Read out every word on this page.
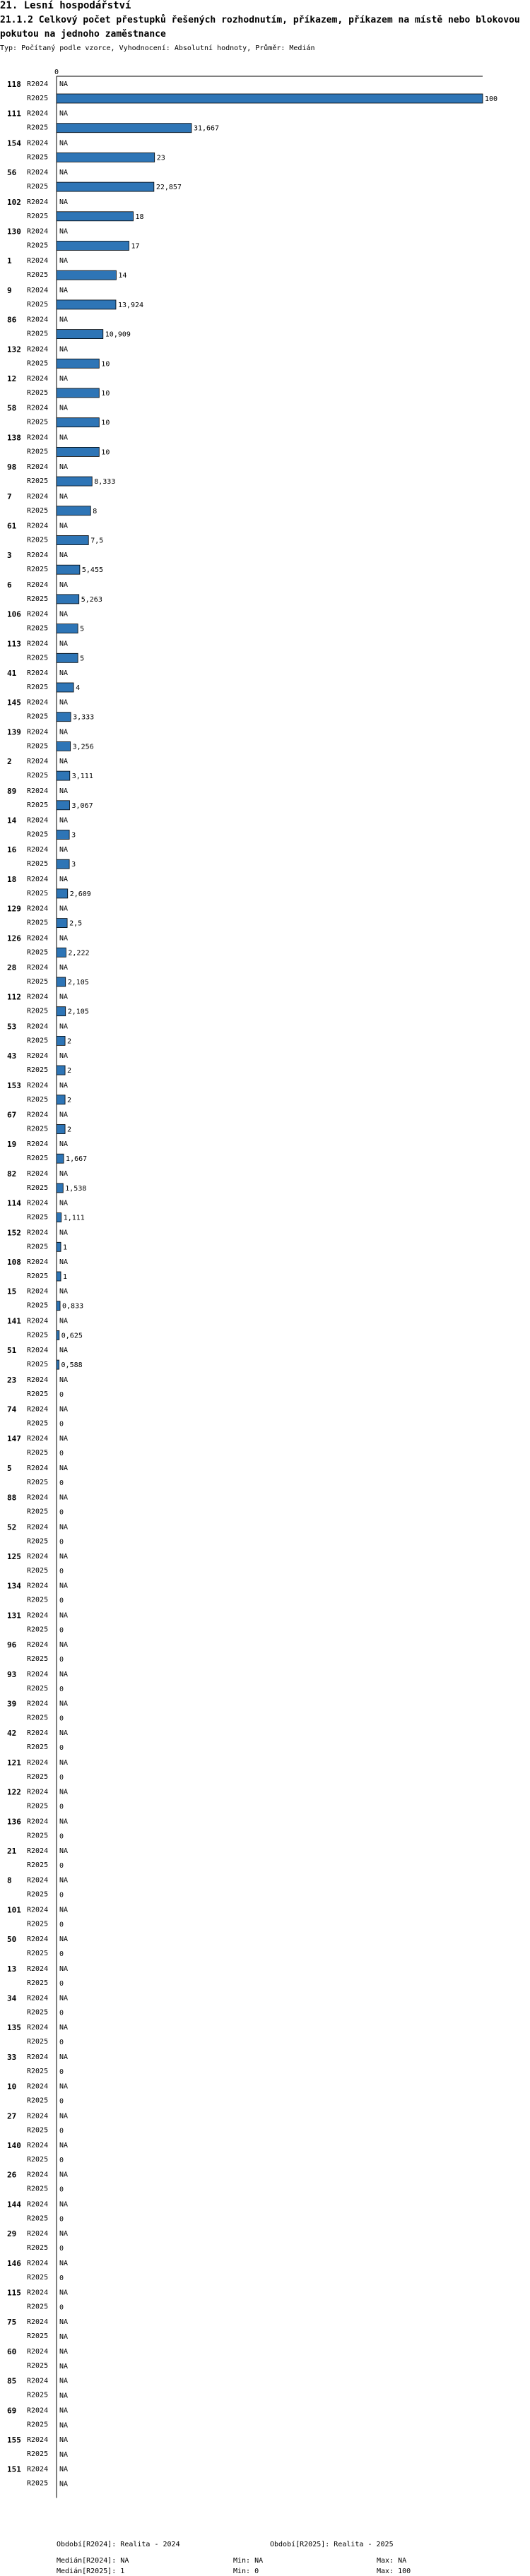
21. Lesní hospodářství
21.1.2 Celkový počet přestupků řešených rozhodnutím, příkazem, příkazem na místě nebo blokovou pokutou na jednoho zaměstnance
Typ: Počítaný podle vzorce, Vyhodnocení: Absolutní hodnoty, Průměr: Medián
0
118 R2024 NA
R2025	100
111 R2024 NA
R2025	31,667
154 R2024 NA
R2025	23
56 R2024 NA
R2025	22,857
102 R2024 NA
R2025	18
130 R2024 NA
R2025	17
1 R2024 NA
R2025	14
9 R2024 NA
R2025	13,924
86 R2024 NA
R2025	10,909
132 R2024 NA
R2025	10
12 R2024 NA
R2025	10
58 R2024 NA
R2025	10
138 R2024 NA
R2025	10
98 R2024 NA
R2025	8,333
7 R2024 NA
R2025	8
61 R2024 NA
R2025	7,5
3 R2024 NA
R2025	5,455
6 R2024 NA
R2025	5,263
106 R2024 NA
R2025	5
113 R2024 NA
R2025	5
41 R2024 NA
R2025	4
145 R2024 NA
R2025	3,333
139 R2024 NA
R2025	3,256
2 R2024 NA
R2025	3,111
89 R2024 NA
R2025	3,067
14 R2024 NA
R2025	3
16 R2024 NA
R2025	3
18 R2024 NA
R2025	2,609
129 R2024 NA
R2025	2,5
126 R2024 NA
R2025	2,222
28 R2024 NA
R2025	2,105
112 R2024 NA
R2025	2,105
53 R2024 NA
R2025	2
43 R2024 NA
R2025	2
153 R2024 NA
R2025	2
67 R2024 NA
R2025	2
19 R2024 NA
R2025 1,667
82 R2024 NA
R2025 1,538
114 R2024 NA
R2025 1,111
152 R2024 NA
R2025 1
108 R2024 NA
R2025 1
15 R2024 NA
R2025 0,833
141 R2024 NA
R2025 0,625
51 R2024 NA
R2025 0,588
23 R2024 NA
R2025 0
74 R2024 NA
R2025 0
147 R2024 NA
R2025 0
5 R2024 NA
R2025 0
88 R2024 NA
R2025 0
52 R2024 NA
R2025 0
125 R2024 NA
R2025 0
134 R2024 NA
R2025 0
131 R2024 NA
R2025 0
96 R2024 NA
R2025 0
93 R2024 NA
R2025 0
39 R2024 NA
R2025 0
42 R2024 NA
R2025 0
121 R2024 NA
R2025 0
122 R2024 NA
R2025 0
136 R2024 NA
R2025 0
21 R2024 NA
R2025 0
8 R2024 NA
R2025 0
101 R2024 NA
R2025 0
50 R2024 NA
R2025 0
13 R2024 NA
R2025 0
34 R2024 NA
R2025 0
135 R2024 NA
R2025 0
33 R2024 NA
R2025 0
10 R2024 NA
R2025 0
27 R2024 NA
R2025 0
140 R2024 NA
R2025 0
26 R2024 NA
R2025 0
144 R2024 NA
R2025 0
29 R2024 NA
R2025 0
146 R2024 NA
R2025 0
115 R2024 NA
R2025 0
75 R2024 NA
R2025 NA
60 R2024 NA
R2025 NA
85 R2024 NA
R2025 NA
69 R2024 NA
R2025 NA
155 R2024 NA
R2025 NA
151 R2024 NA
R2025 NA
Období[R2024]: Realita - 2024	Období[R2025]: Realita - 2025
Medián[R2024]: NA	Min: NA	Max: NA
Medián[R2025]: 1	Min: 0	Max: 100
